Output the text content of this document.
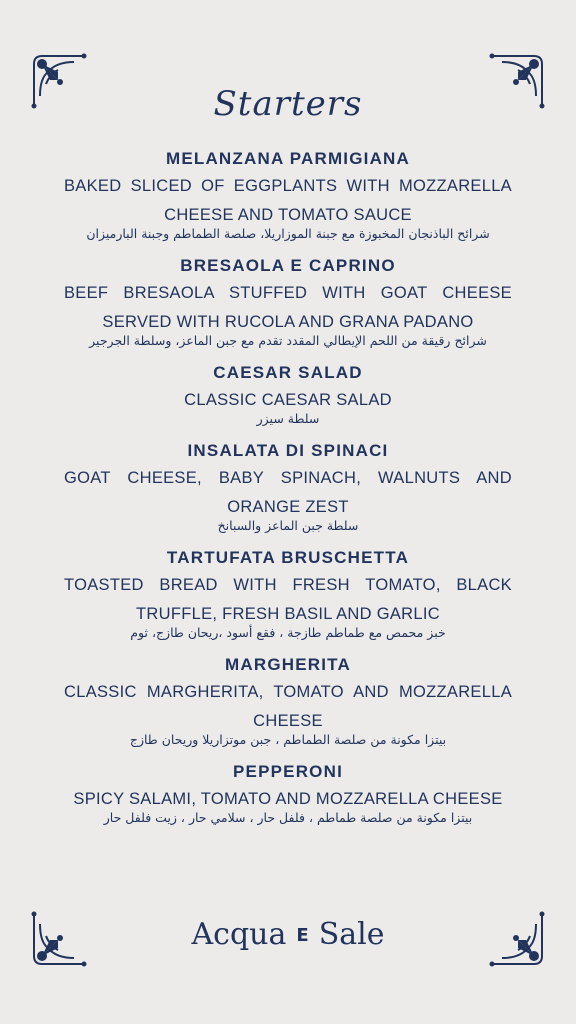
Starters
MELANZANA PARMIGIANA
BAKED SLICED OF EGGPLANTS WITH MOZZARELLA CHEESE AND TOMATO SAUCE
شرائح الباذنجان المخبوزة مع جبنة الموزاريلا، صلصة الطماطم وجبنة البارميزان
BRESAOLA E CAPRINO
BEEF BRESAOLA STUFFED WITH GOAT CHEESE SERVED WITH RUCOLA AND GRANA PADANO
شرائح رقيقة من اللحم الإيطالي المقدد تقدم مع جبن الماعز، وسلطة الجرجير
CAESAR SALAD
CLASSIC CAESAR SALAD
سلطة سيزر
INSALATA DI SPINACI
GOAT CHEESE, BABY SPINACH, WALNUTS AND ORANGE ZEST
سلطة جبن الماعز والسبانخ
TARTUFATA BRUSCHETTA
TOASTED BREAD WITH FRESH TOMATO, BLACK TRUFFLE, FRESH BASIL AND GARLIC
خبز محمص مع طماطم طازجة ، فقع أسود ،ريحان طازج، ثوم
MARGHERITA
CLASSIC MARGHERITA, TOMATO AND MOZZARELLA CHEESE
بيتزا مكونة من صلصة الطماطم ، جبن موتزاريلا وريحان طازج
PEPPERONI
SPICY SALAMI, TOMATO AND MOZZARELLA CHEESE
بيتزا مكونة من صلصة طماطم ، فلفل حار ، سلامي حار ، زيت فلفل حار
Acqua E Sale
